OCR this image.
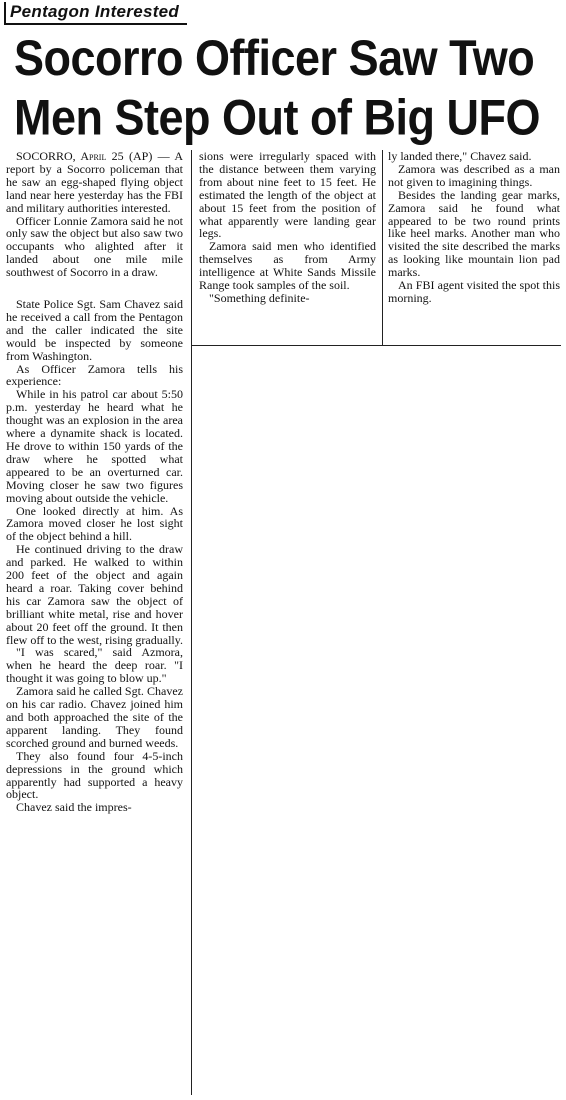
Pentagon Interested
Socorro Officer Saw Two
Men Step Out of Big UFO

SOCORRO, April 25 (AP) — A report by a Socorro policeman that he saw an egg-shaped flying object land near here yesterday has the FBI and military authorities interested.

Officer Lonnie Zamora said he not only saw the object but also saw two occupants who alighted after it landed about one mile mile southwest of Socorro in a draw.

State Police Sgt. Sam Chavez said he received a call from the Pentagon and the caller indicated the site would be inspected by someone from Washington.

As Officer Zamora tells his experience:

While in his patrol car about 5:50 p.m. yesterday he heard what he thought was an explosion in the area where a dynamite shack is located. He drove to within 150 yards of the draw where he spotted what appeared to be an overturned car. Moving closer he saw two figures moving about outside the vehicle.

One looked directly at him. As Zamora moved closer he lost sight of the object behind a hill.

He continued driving to the draw and parked. He walked to within 200 feet of the object and again heard a roar. Taking cover behind his car Zamora saw the object of brilliant white metal, rise and hover about 20 feet off the ground. It then flew off to the west, rising gradually.

"I was scared," said Azmora, when he heard the deep roar. "I thought it was going to blow up."

Zamora said he called Sgt. Chavez on his car radio. Chavez joined him and both approached the site of the apparent landing. They found scorched ground and burned weeds.

They also found four 4-5-inch depressions in the ground which apparently had supported a heavy object.

Chavez said the impres-

sions were irregularly spaced with the distance between them varying from about nine feet to 15 feet. He estimated the length of the object at about 15 feet from the position of what apparently were landing gear legs.

Zamora said men who identified themselves as from Army intelligence at White Sands Missile Range took samples of the soil.

"Something definite-

ly landed there," Chavez said.

Zamora was described as a man not given to imagining things.

Besides the landing gear marks, Zamora said he found what appeared to be two round prints like heel marks. Another man who visited the site described the marks as looking like mountain lion pad marks.

An FBI agent visited the spot this morning.
